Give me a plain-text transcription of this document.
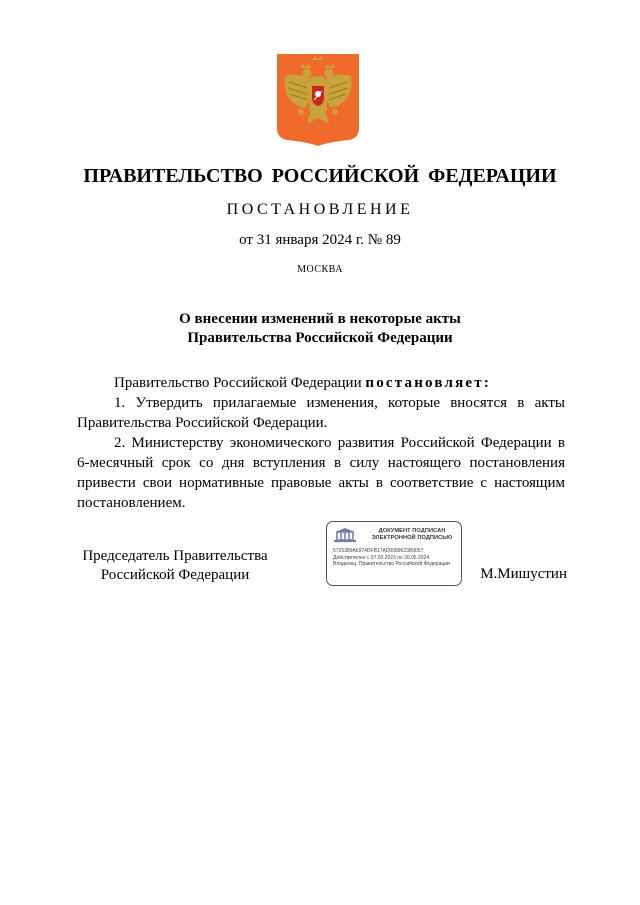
ПРАВИТЕЛЬСТВО РОССИЙСКОЙ ФЕДЕРАЦИИ
ПОСТАНОВЛЕНИЕ
от 31 января 2024 г. № 89
МОСКВА
О внесении изменений в некоторые акты
Правительства Российской Федерации

Правительство Российской Федерации постановляет:

1. Утвердить прилагаемые изменения, которые вносятся в акты Правительства Российской Федерации.

2. Министерству экономического развития Российской Федерации в 6-месячный срок со дня вступления в силу настоящего постановления привести свои нормативные правовые акты в соответствие с настоящим постановлением.

Председатель Правительства
Российской Федерации
ДОКУМЕНТ ПОДПИСАН
ЭЛЕКТРОННОЙ ПОДПИСЬЮ
5725389A6974DFB17AD0089623B9057
Действителен с 07.03.2023 по 30.05.2024
Владелец: Правительство Российской Федерации
М.Мишустин
